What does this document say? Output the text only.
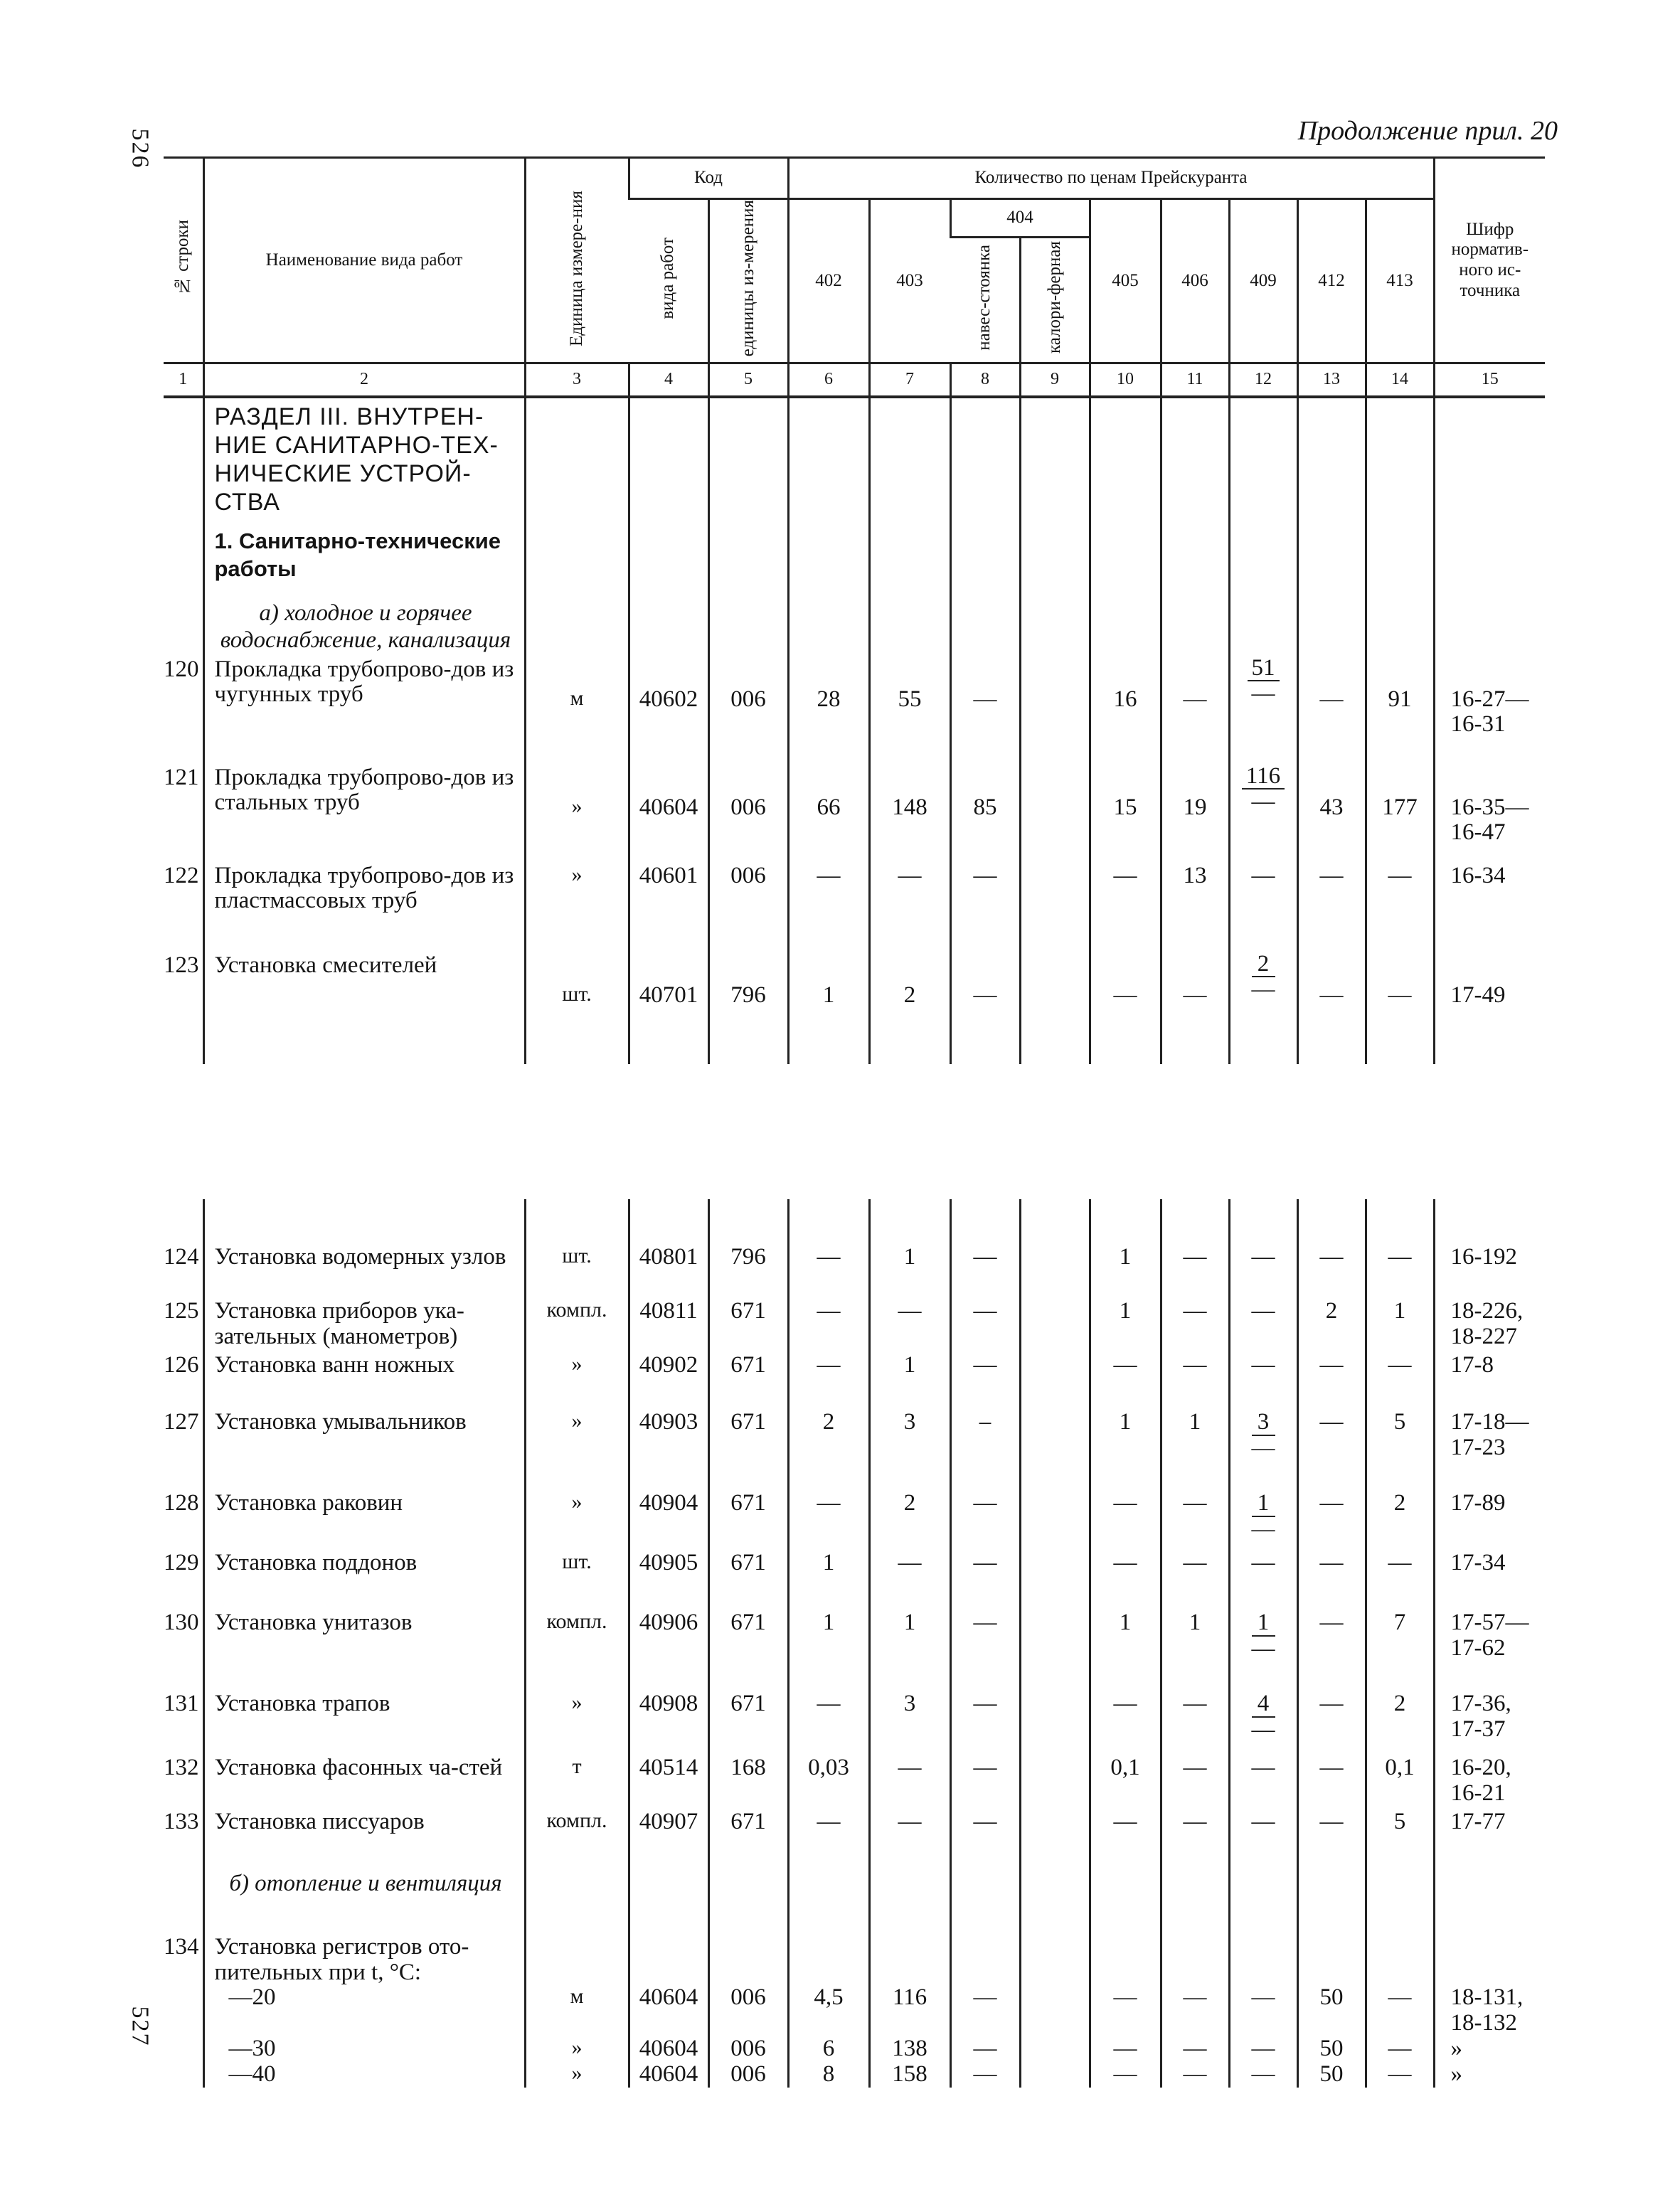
526
527
Продолжение прил. 20
№ строки	Наименование вида работ	Единица измере-ния	Код		Количество по ценам Прейскуранта									Шифр норматив-ного ис-точника
			вида работ	единицы из-мерения	402	403	404		405	406	409	412	413	
							навес-стоянка	калори-ферная						
1	2	3	4	5	6	7	8	9	10	11	12	13	14	15

	РАЗДЕЛ III. ВНУТРЕН-НИЕ САНИТАРНО-ТЕХ-НИЧЕСКИЕ УСТРОЙ-СТВА
1. Санитарно-технические работы
а) холодное и горячее водоснабжение, канализация													

120	Прокладка трубопрово-дов из чугунных труб	м	40602	006	28	55	—		16	—	$\frac{51}{—}$	—	91	16-27— 16-31
121	Прокладка трубопрово-дов из стальных труб	»	40604	006	66	148	85		15	19	$\frac{116}{—}$	43	177	16-35— 16-47
122	Прокладка трубопрово-дов из пластмассовых труб	»	40601	006	—	—	—		—	13	—	—	—	16-34
123	Установка смесителей	шт.	40701	796	1	2	—		—	—	$\frac{2}{—}$	—	—	17-49

124	Установка водомерных узлов	шт.	40801	796	—	1	—		1	—	—	—	—	16-192
125	Установка приборов ука-зательных (манометров)	компл.	40811	671	—	—	—		1	—	—	2	1	18-226, 18-227
126	Установка ванн ножных	»	40902	671	—	1	—		—	—	—	—	—	17-8
127	Установка умывальников	»	40903	671	2	3	–		1	1	$\frac{3}{—}$	—	5	17-18— 17-23
128	Установка раковин	»	40904	671	—	2	—		—	—	$\frac{1}{—}$	—	2	17-89
129	Установка поддонов	шт.	40905	671	1	—	—		—	—	—	—	—	17-34
130	Установка унитазов	компл.	40906	671	1	1	—		1	1	$\frac{1}{—}$	—	7	17-57— 17-62
131	Установка трапов	»	40908	671	—	3	—		—	—	$\frac{4}{—}$	—	2	17-36, 17-37
132	Установка фасонных ча-стей	т	40514	168	0,03	—	—		0,1	—	—	—	0,1	16-20, 16-21
133	Установка писсуаров	компл.	40907	671	—	—	—		—	—	—	—	5	17-77

	б) отопление и вентиляция													

134	Установка регистров ото-пительных при t, °С:													
	—20	м	40604	006	4,5	116	—		—	—	—	50	—	18-131, 18-132
	—30	»	40604	006	6	138	—		—	—	—	50	—	»
	—40	»	40604	006	8	158	—		—	—	—	50	—	»
